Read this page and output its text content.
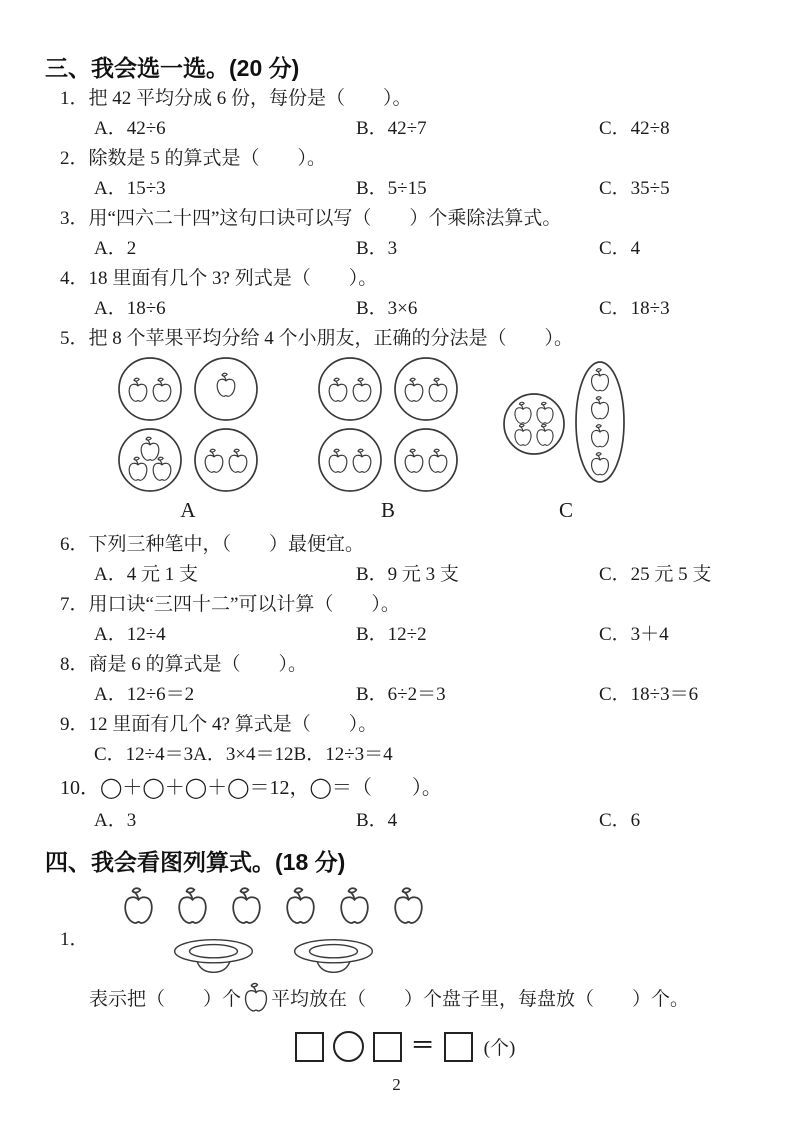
三、我会选一选。(20 分)
1．把 42 平均分成 6 份，每份是（　　）。
A．42÷6	B．42÷7	C．42÷8
2．除数是 5 的算式是（　　）。
A．15÷3	B．5÷15	C．35÷5
3．用“四六二十四”这句口诀可以写（　　）个乘除法算式。
A．2	B．3	C．4
4．18 里面有几个 3? 列式是（　　）。
A．18÷6	B．3×6	C．18÷3
5．把 8 个苹果平均分给 4 个小朋友，正确的分法是（　　）。
A	B	C
6．下列三种笔中，（　　）最便宜。
A．4 元 1 支	B．9 元 3 支	C．25 元 5 支
7．用口诀“三四十二”可以计算（　　）。
A．12÷4	B．12÷2	C．3＋4
8．商是 6 的算式是（　　）。
A．12÷6＝2	B．6÷2＝3	C．18÷3＝6
9．12 里面有几个 4? 算式是（　　）。
C．12÷4＝3A．3×4＝12B．12÷3＝4
10．◯＋◯＋◯＋◯＝12，◯＝（　　）。
A．3	B．4	C．6
四、我会看图列算式。(18 分)
1．
表示把（　　）个 平均放在（　　）个盘子里，每盘放（　　）个。
＝	(个)
2
